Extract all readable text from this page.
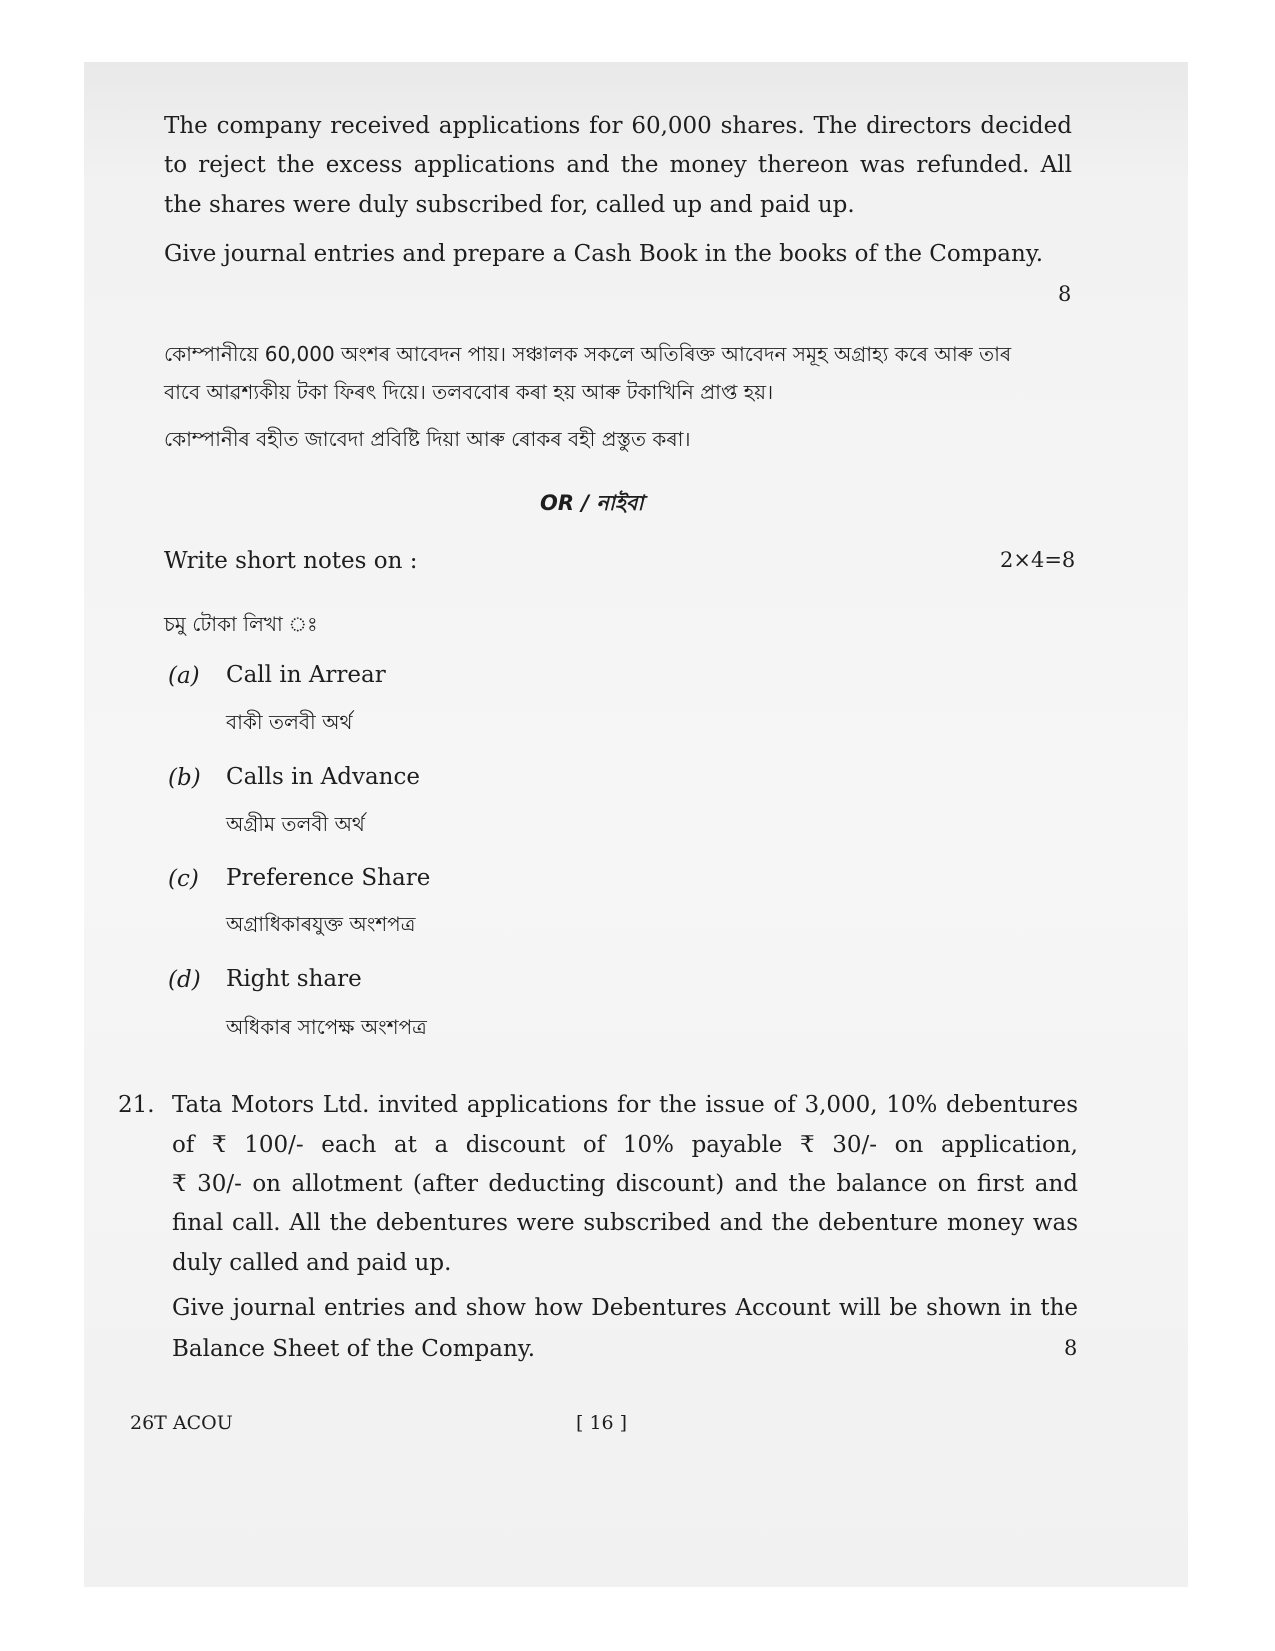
The company received applications for 60,000 shares. The directors decided
to reject the excess applications and the money thereon was refunded. All
the shares were duly subscribed for, called up and paid up.
Give journal entries and prepare a Cash Book in the books of the Company.
8
কোম্পানীয়ে 60,000 অংশৰ আবেদন পায়। সঞ্চালক সকলে অতিৰিক্ত আবেদন সমূহ অগ্ৰাহ্য কৰে আৰু তাৰ
বাবে আৱশ্যকীয় টকা ফিৰৎ দিয়ে। তলববোৰ কৰা হয় আৰু টকাখিনি প্ৰাপ্ত হয়।
কোম্পানীৰ বহীত জাবেদা প্ৰবিষ্টি দিয়া আৰু ৰোকৰ বহী প্ৰস্তুত কৰা।
OR / নাইবা
Write short notes on :	2×4=8
চমু টোকা লিখা ঃ
(a) Call in Arrear
বাকী তলবী অৰ্থ
(b) Calls in Advance
অগ্ৰীম তলবী অৰ্থ
(c) Preference Share
অগ্ৰাধিকাৰযুক্ত অংশপত্ৰ
(d) Right share
অধিকাৰ সাপেক্ষ অংশপত্ৰ
21. Tata Motors Ltd. invited applications for the issue of 3,000, 10% debentures
of ₹ 100/- each at a discount of 10% payable ₹ 30/- on application,
₹ 30/- on allotment (after deducting discount) and the balance on first and
final call. All the debentures were subscribed and the debenture money was
duly called and paid up.
Give journal entries and show how Debentures Account will be shown in the
Balance Sheet of the Company.	8
26T ACOU	[ 16 ]
